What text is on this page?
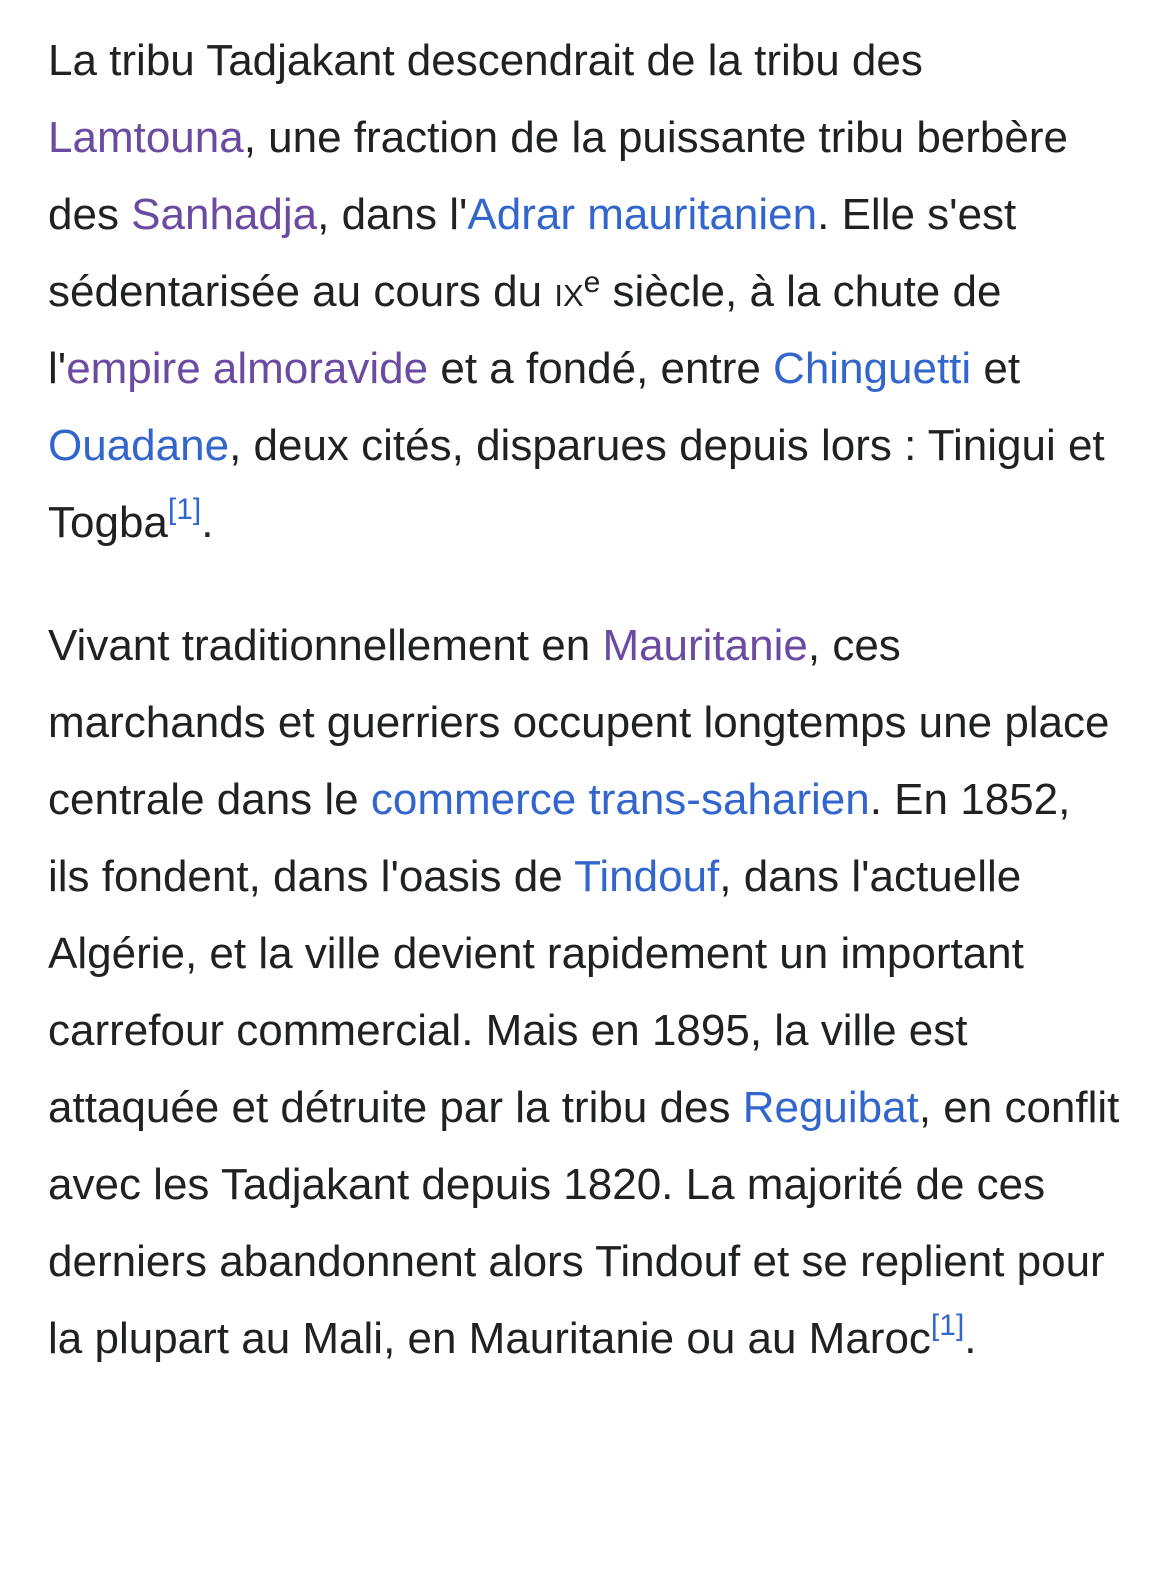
La tribu Tadjakant descendrait de la tribu des Lamtouna, une fraction de la puissante tribu berbère des Sanhadja, dans l'Adrar mauritanien. Elle s'est sédentarisée au cours du $ix^e$ siècle, à la chute de l'empire almoravide et a fondé, entre Chinguetti et Ouadane, deux cités, disparues depuis lors : Tinigui et Togba[1].

Vivant traditionnellement en Mauritanie, ces marchands et guerriers occupent longtemps une place centrale dans le commerce trans-saharien. En 1852, ils fondent, dans l'oasis de Tindouf, dans l'actuelle Algérie, et la ville devient rapidement un important carrefour commercial. Mais en 1895, la ville est attaquée et détruite par la tribu des Reguibat, en conflit avec les Tadjakant depuis 1820. La majorité de ces derniers abandonnent alors Tindouf et se replient pour la plupart au Mali, en Mauritanie ou au Maroc[1].
